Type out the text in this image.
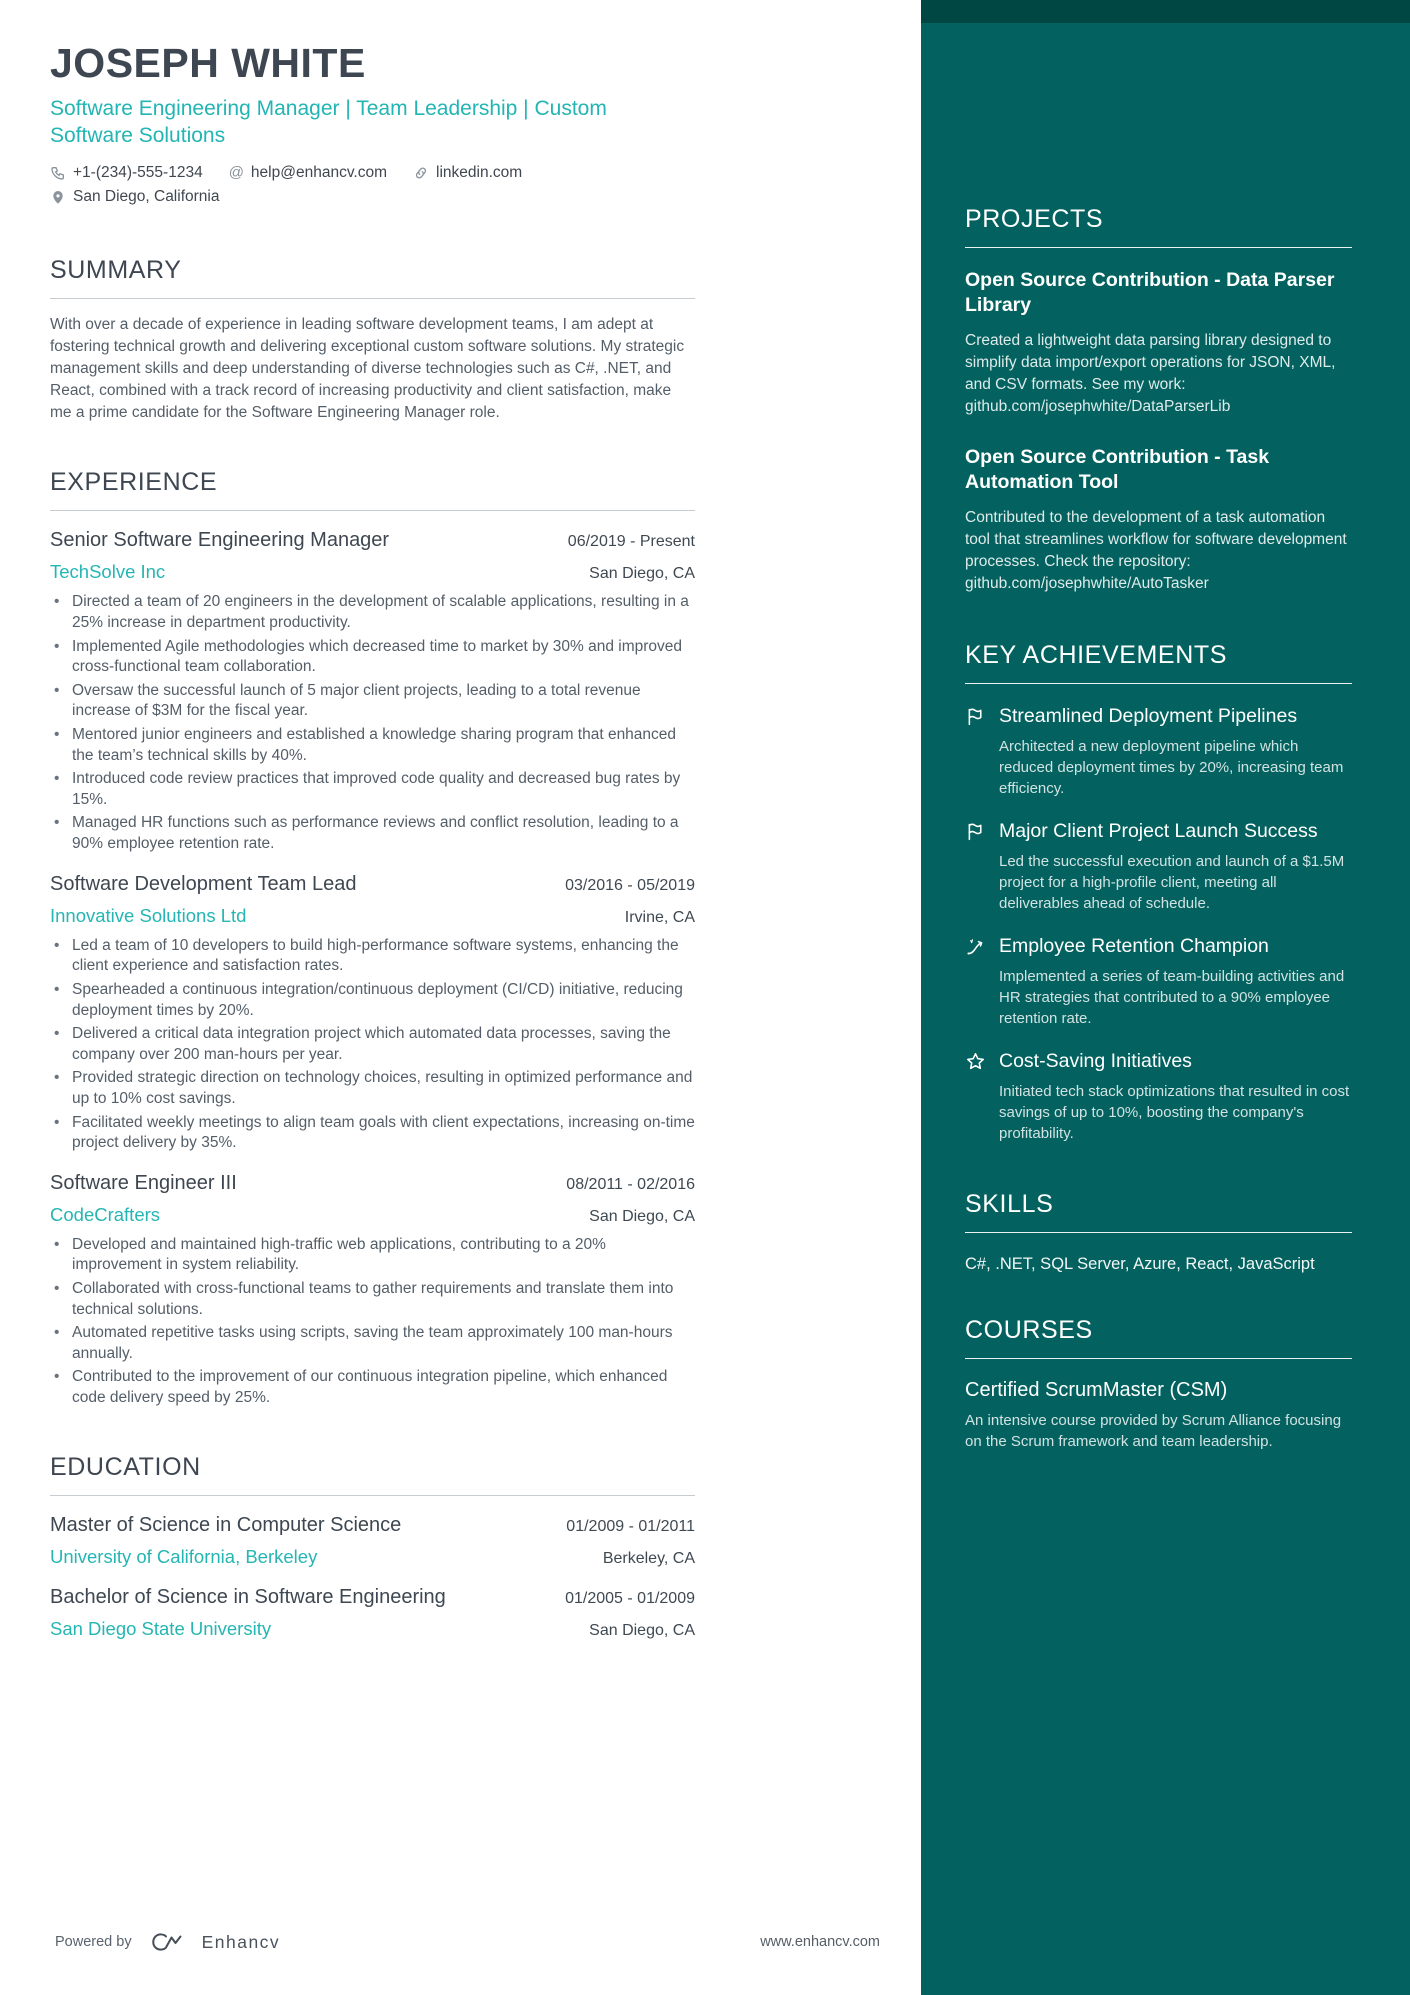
PROJECTS
Open Source Contribution - Data Parser Library
Created a lightweight data parsing library designed to simplify data import/export operations for JSON, XML, and CSV formats. See my work: github.com/josephwhite/DataParserLib
Open Source Contribution - Task Automation Tool
Contributed to the development of a task automation tool that streamlines workflow for software development processes. Check the repository: github.com/josephwhite/AutoTasker
KEY ACHIEVEMENTS
Streamlined Deployment Pipelines
Architected a new deployment pipeline which reduced deployment times by 20%, increasing team efficiency.
Major Client Project Launch Success
Led the successful execution and launch of a $1.5M project for a high-profile client, meeting all deliverables ahead of schedule.
Employee Retention Champion
Implemented a series of team-building activities and HR strategies that contributed to a 90% employee retention rate.
Cost-Saving Initiatives
Initiated tech stack optimizations that resulted in cost savings of up to 10%, boosting the company's profitability.
SKILLS
C#, .NET, SQL Server, Azure, React, JavaScript
COURSES
Certified ScrumMaster (CSM)
An intensive course provided by Scrum Alliance focusing on the Scrum framework and team leadership.
JOSEPH WHITE
Software Engineering Manager | Team Leadership | Custom Software Solutions
+1-(234)-555-1234 @ help@enhancv.com	linkedin.com
San Diego, California
SUMMARY

With over a decade of experience in leading software development teams, I am adept at fostering technical growth and delivering exceptional custom software solutions. My strategic management skills and deep understanding of diverse technologies such as C#, .NET, and React, combined with a track record of increasing productivity and client satisfaction, make me a prime candidate for the Software Engineering Manager role.

EXPERIENCE
Senior Software Engineering Manager	06/2019 - Present
TechSolve Inc	San Diego, CA
• Directed a team of 20 engineers in the development of scalable applications, resulting in a 25% increase in department productivity.
• Implemented Agile methodologies which decreased time to market by 30% and improved cross-functional team collaboration.
• Oversaw the successful launch of 5 major client projects, leading to a total revenue increase of $3M for the fiscal year.
• Mentored junior engineers and established a knowledge sharing program that enhanced the team’s technical skills by 40%.
• Introduced code review practices that improved code quality and decreased bug rates by 15%.
• Managed HR functions such as performance reviews and conflict resolution, leading to a 90% employee retention rate.
Software Development Team Lead	03/2016 - 05/2019
Innovative Solutions Ltd	Irvine, CA
• Led a team of 10 developers to build high-performance software systems, enhancing the client experience and satisfaction rates.
• Spearheaded a continuous integration/continuous deployment (CI/CD) initiative, reducing deployment times by 20%.
• Delivered a critical data integration project which automated data processes, saving the company over 200 man-hours per year.
• Provided strategic direction on technology choices, resulting in optimized performance and up to 10% cost savings.
• Facilitated weekly meetings to align team goals with client expectations, increasing on-time project delivery by 35%.
Software Engineer III	08/2011 - 02/2016
CodeCrafters	San Diego, CA
• Developed and maintained high-traffic web applications, contributing to a 20% improvement in system reliability.
• Collaborated with cross-functional teams to gather requirements and translate them into technical solutions.
• Automated repetitive tasks using scripts, saving the team approximately 100 man-hours annually.
• Contributed to the improvement of our continuous integration pipeline, which enhanced code delivery speed by 25%.
EDUCATION
Master of Science in Computer Science	01/2009 - 01/2011
University of California, Berkeley	Berkeley, CA
Bachelor of Science in Software Engineering	01/2005 - 01/2009
San Diego State University	San Diego, CA
Powered by	Enhancv	www.enhancv.com
